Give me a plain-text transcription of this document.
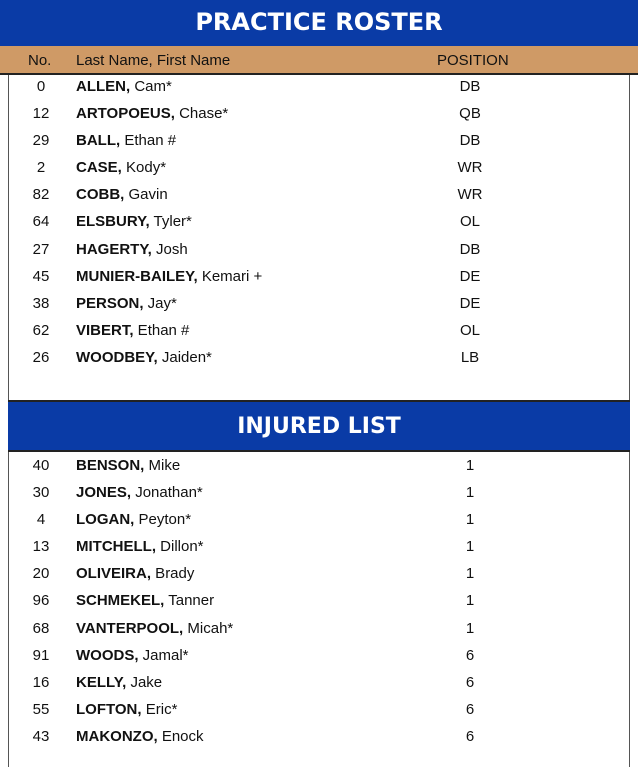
PRACTICE ROSTER
No. Last Name, First Name	POSITION
0	ALLEN, Cam*	DB
12	ARTOPOEUS, Chase*	QB
29	BALL, Ethan #	DB
2	CASE, Kody*	WR
82	COBB, Gavin	WR
64	ELSBURY, Tyler*	OL
27	HAGERTY, Josh	DB
45	MUNIER-BAILEY, Kemari +	DE
38	PERSON, Jay*	DE
62	VIBERT, Ethan #	OL
26	WOODBEY, Jaiden*	LB
INJURED LIST
40	BENSON, Mike	1
30	JONES, Jonathan*	1
4	LOGAN, Peyton*	1
13	MITCHELL, Dillon*	1
20	OLIVEIRA, Brady	1
96	SCHMEKEL, Tanner	1
68	VANTERPOOL, Micah*	1
91	WOODS, Jamal*	6
16	KELLY, Jake	6
55	LOFTON, Eric*	6
43	MAKONZO, Enock	6
